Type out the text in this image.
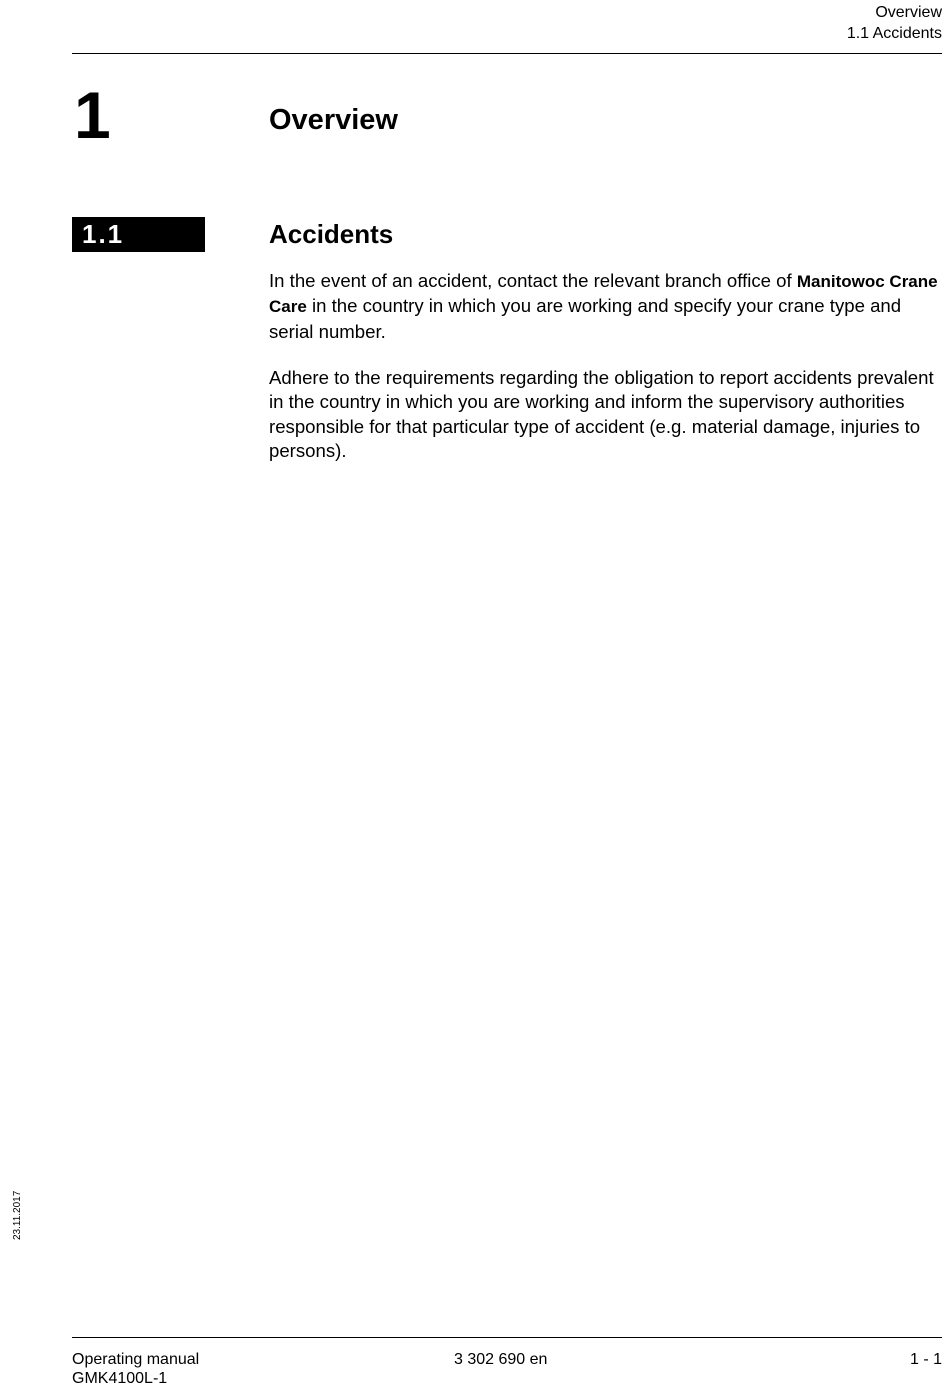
Overview
1.1 Accidents
1	Overview
1.1	Accidents
In the event of an accident, contact the relevant branch office of Manitowoc Crane Care in the country in which you are working and specify your crane type and serial number.
Adhere to the requirements regarding the obligation to report accidents prevalent in the country in which you are working and inform the supervisory authorities responsible for that particular type of accident (e.g. material damage, injuries to persons).
23.11.2017
Operating manual
GMK4100L-1
3 302 690 en	1 - 1
